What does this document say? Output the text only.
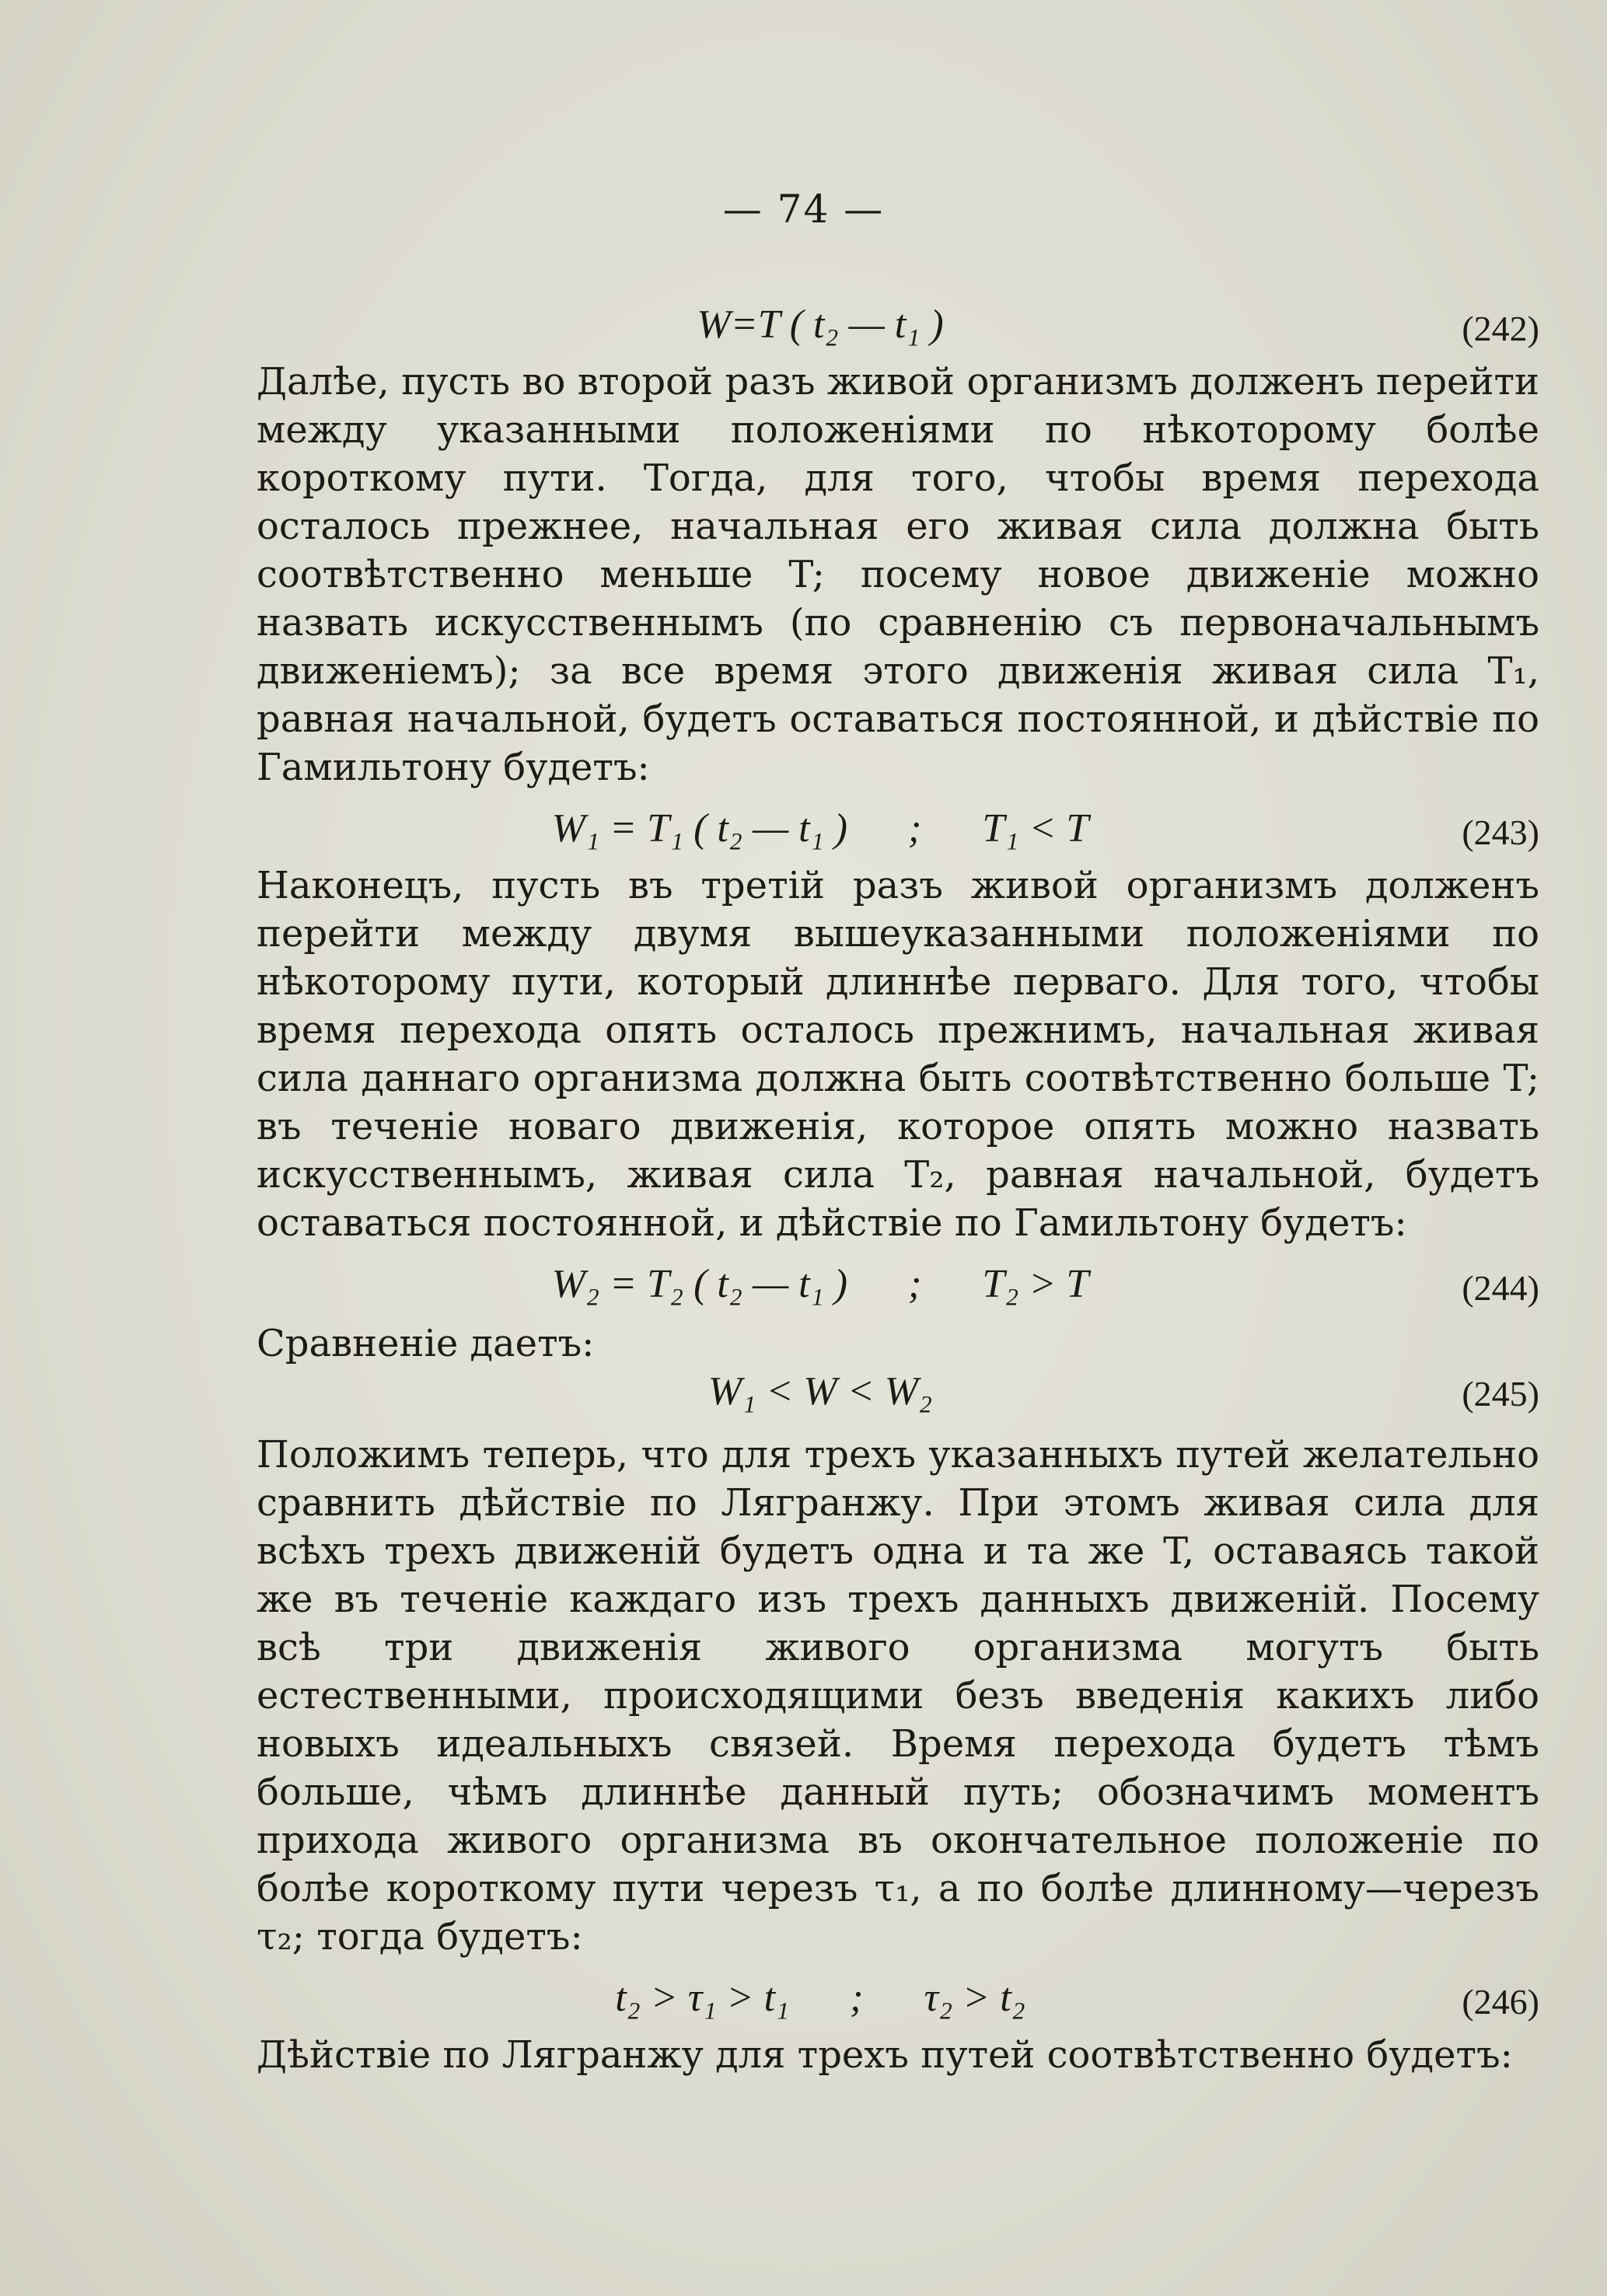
— 74 —
W=T ( t₂ — t₁ )	(242)

Далѣе, пусть во второй разъ живой организмъ долженъ перейти между указанными положеніями по нѣкоторому болѣе короткому пути. Тогда, для того, чтобы время перехода осталось прежнее, начальная его живая сила должна быть соотвѣтственно меньше T; посему новое движеніе можно назвать искусственнымъ (по сравненію съ первоначальнымъ движеніемъ); за все время этого движенія живая сила T₁, равная начальной, будетъ оставаться постоянной, и дѣйствіе по Гамильтону будетъ:

W₁ = T₁ ( t₂ — t₁ )      ;      T₁ < T	(243)

Наконецъ, пусть въ третій разъ живой организмъ долженъ перейти между двумя вышеуказанными положеніями по нѣкоторому пути, который длиннѣе перваго. Для того, чтобы время перехода опять осталось прежнимъ, начальная живая сила даннаго организма должна быть соотвѣтственно больше T; въ теченіе новаго движенія, которое опять можно назвать искусственнымъ, живая сила T₂, равная начальной, будетъ оставаться постоянной, и дѣйствіе по Гамильтону будетъ:

W₂ = T₂ ( t₂ — t₁ )      ;      T₂ > T	(244)
Сравненіе даетъ:
W₁ < W < W₂	(245)

Положимъ теперь, что для трехъ указанныхъ путей желательно сравнить дѣйствіе по Лягранжу. При этомъ живая сила для всѣхъ трехъ движеній будетъ одна и та же T, оставаясь такой же въ теченіе каждаго изъ трехъ данныхъ движеній. Посему всѣ три движенія живого организма могутъ быть естественными, происходящими безъ введенія какихъ либо новыхъ идеальныхъ связей. Время перехода будетъ тѣмъ больше, чѣмъ длиннѣе данный путь; обозначимъ моментъ прихода живого организма въ окончательное положеніе по болѣе короткому пути черезъ τ₁, а по болѣе длинному—черезъ τ₂; тогда будетъ:

t₂ > τ₁ > t₁      ;      τ₂ > t₂	(246)

Дѣйствіе по Лягранжу для трехъ путей соотвѣтственно будетъ:
